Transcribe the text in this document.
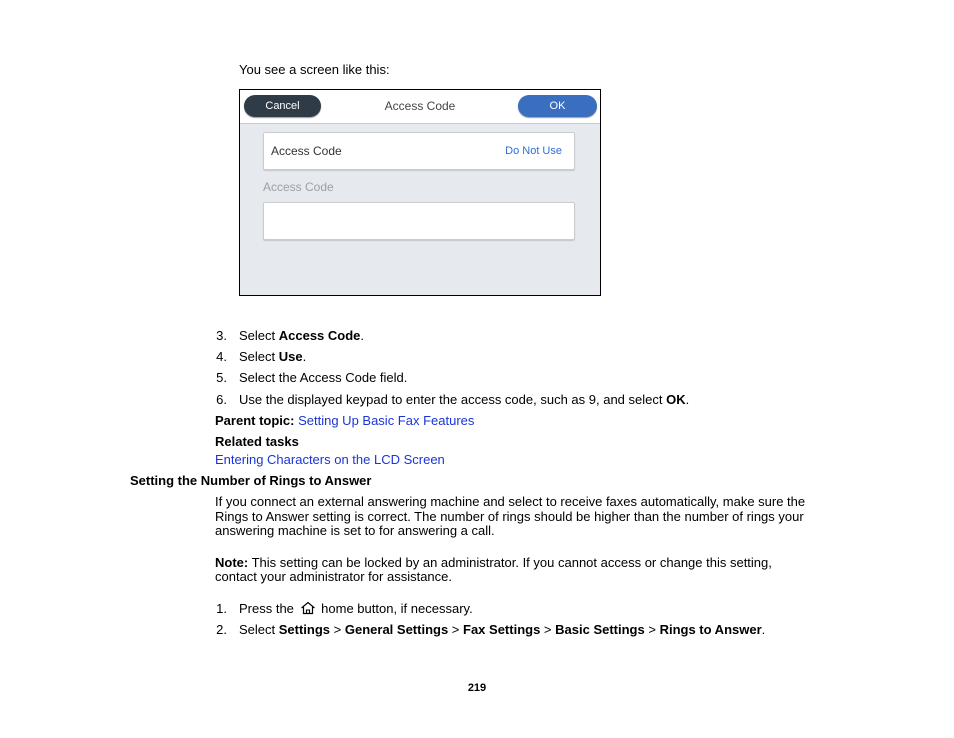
You see a screen like this:
Cancel	Access Code	OK
Access Code	Do Not Use
Access Code
3. Select Access Code.
4. Select Use.
5. Select the Access Code field.
6. Use the displayed keypad to enter the access code, such as 9, and select OK.
Parent topic: Setting Up Basic Fax Features
Related tasks
Entering Characters on the LCD Screen
Setting the Number of Rings to Answer
If you connect an external answering machine and select to receive faxes automatically, make sure the
Rings to Answer setting is correct. The number of rings should be higher than the number of rings your
answering machine is set to for answering a call.
Note: This setting can be locked by an administrator. If you cannot access or change this setting,
contact your administrator for assistance.
1. Press the home button, if necessary.
2. Select Settings > General Settings > Fax Settings > Basic Settings > Rings to Answer.
219
